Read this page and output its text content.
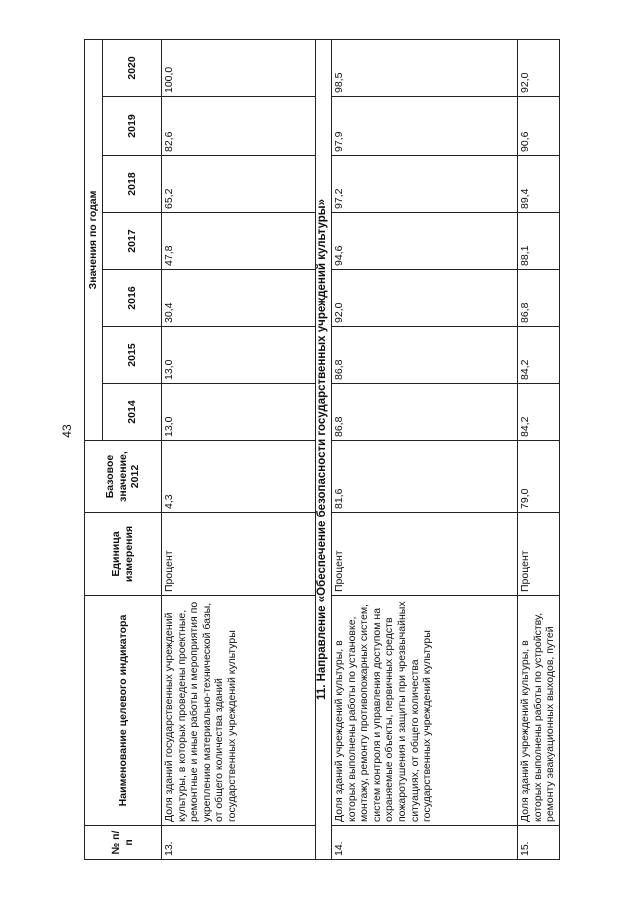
43
№ п/п	Наименование целевого индикатора	Единица измерения	Базовое значение, 2012	Значения по годам						
				2014	2015	2016	2017	2018	2019	2020
13.	Доля зданий государственных учреждений культуры, в которых проведены проектные, ремонтные и иные работы и мероприятия по укреплению материально-технической базы, от общего количества зданий государственных учреждений культуры	Процент	4,3	13,0	13,0	30,4	47,8	65,2	82,6	100,0
11. Направление «Обеспечение безопасности государственных учреждений культуры»										
14.	Доля зданий учреждений культуры, в которых выполнены работы по установке, монтажу, ремонту противопожарных систем, систем контроля и управления доступом на охраняемые объекты, первичных средств пожаротушения и защиты при чрезвычайных ситуациях, от общего количества государственных учреждений культуры	Процент	81,6	86,8	86,8	92,0	94,6	97,2	97,9	98,5
15.	Доля зданий учреждений культуры, в которых выполнены работы по устройству, ремонту эвакуационных выходов, путей	Процент	79,0	84,2	84,2	86,8	88,1	89,4	90,6	92,0
